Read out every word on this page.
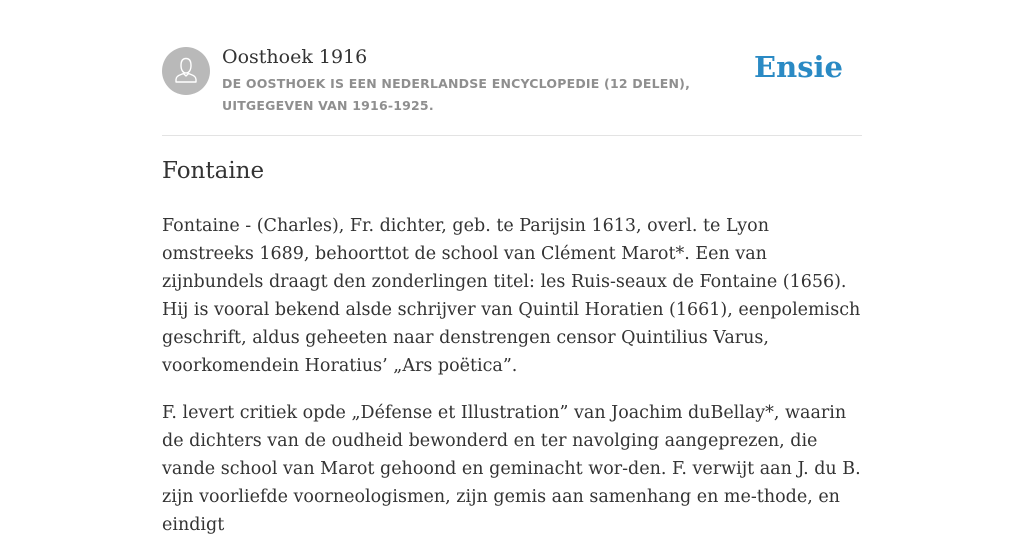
Oosthoek 1916
DE OOSTHOEK IS EEN NEDERLANDSE ENCYCLOPEDIE (12 DELEN), UITGEGEVEN VAN 1916-1925.
Ensie
Fontaine

Fontaine - (Charles), Fr. dichter, geb. te Parijsin 1613, overl. te Lyon omstreeks 1689, behoorttot de school van Clément Marot*. Een van zijnbundels draagt den zonderlingen titel: les Ruis-seaux de Fontaine (1656). Hij is vooral bekend alsde schrijver van Quintil Horatien (1661), eenpolemisch geschrift, aldus geheeten naar denstrengen censor Quintilius Varus, voorkomendein Horatius’ „Ars poëtica”.

F. levert critiek opde „Défense et Illustration” van Joachim duBellay*, waarin de dichters van de oudheid bewonderd en ter navolging aangeprezen, die vande school van Marot gehoond en geminacht wor-den. F. verwijt aan J. du B. zijn voorliefde voorneologismen, zijn gemis aan samenhang en me-thode, en eindigt
